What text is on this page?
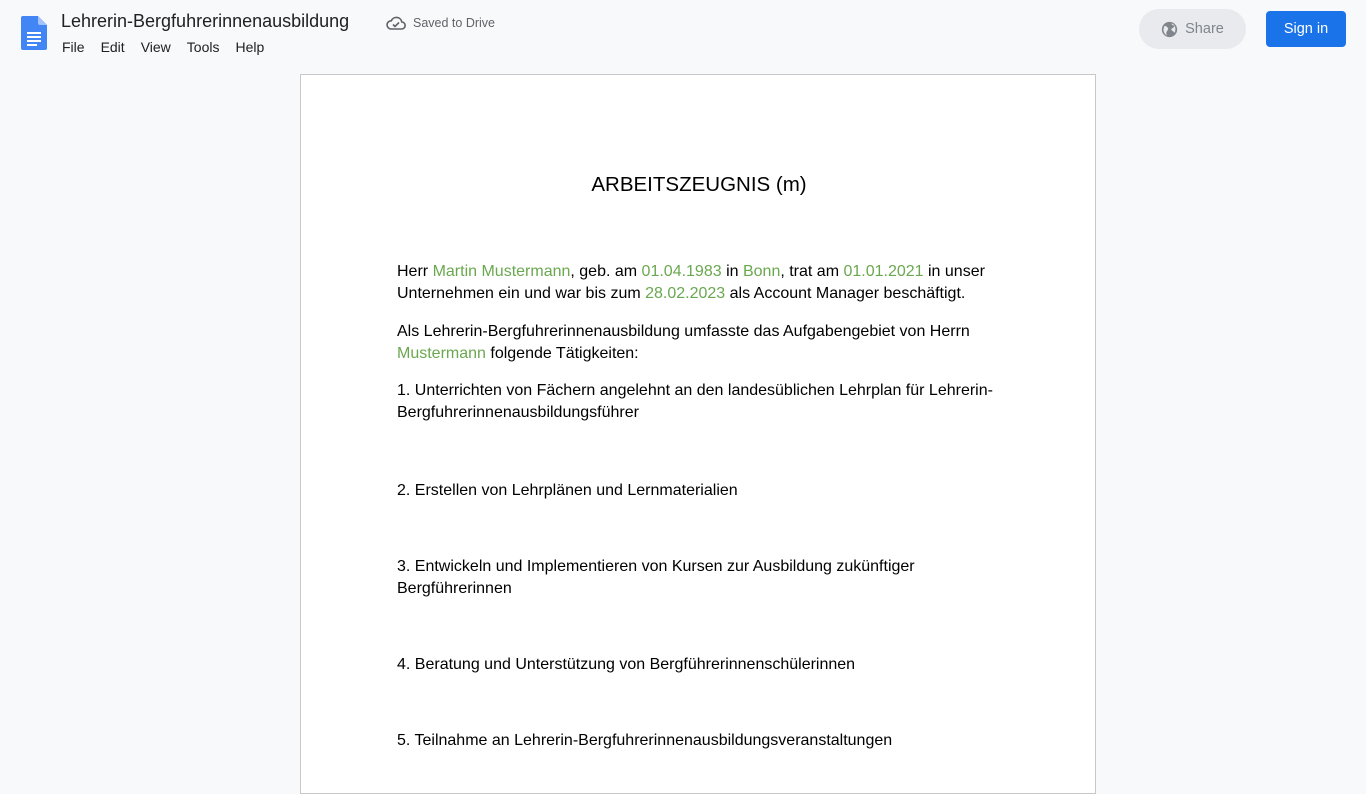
Lehrerin-Bergfuhrerinnenausbildung	Saved to Drive
File	Edit	View	Tools	Help
Share	Sign in
ARBEITSZEUGNIS (m)

Herr Martin Mustermann, geb. am 01.04.1983 in Bonn, trat am 01.01.2021 in unser Unternehmen ein und war bis zum 28.02.2023 als Account Manager beschäftigt.

Als Lehrerin-Bergfuhrerinnenausbildung umfasste das Aufgabengebiet von Herrn Mustermann folgende Tätigkeiten:

1. Unterrichten von Fächern angelehnt an den landesüblichen Lehrplan für Lehrerin-Bergfuhrerinnenausbildungsführer

2. Erstellen von Lehrplänen und Lernmaterialien

3. Entwickeln und Implementieren von Kursen zur Ausbildung zukünftiger Bergführerinnen

4. Beratung und Unterstützung von Bergführerinnenschülerinnen

5. Teilnahme an Lehrerin-Bergfuhrerinnenausbildungsveranstaltungen
